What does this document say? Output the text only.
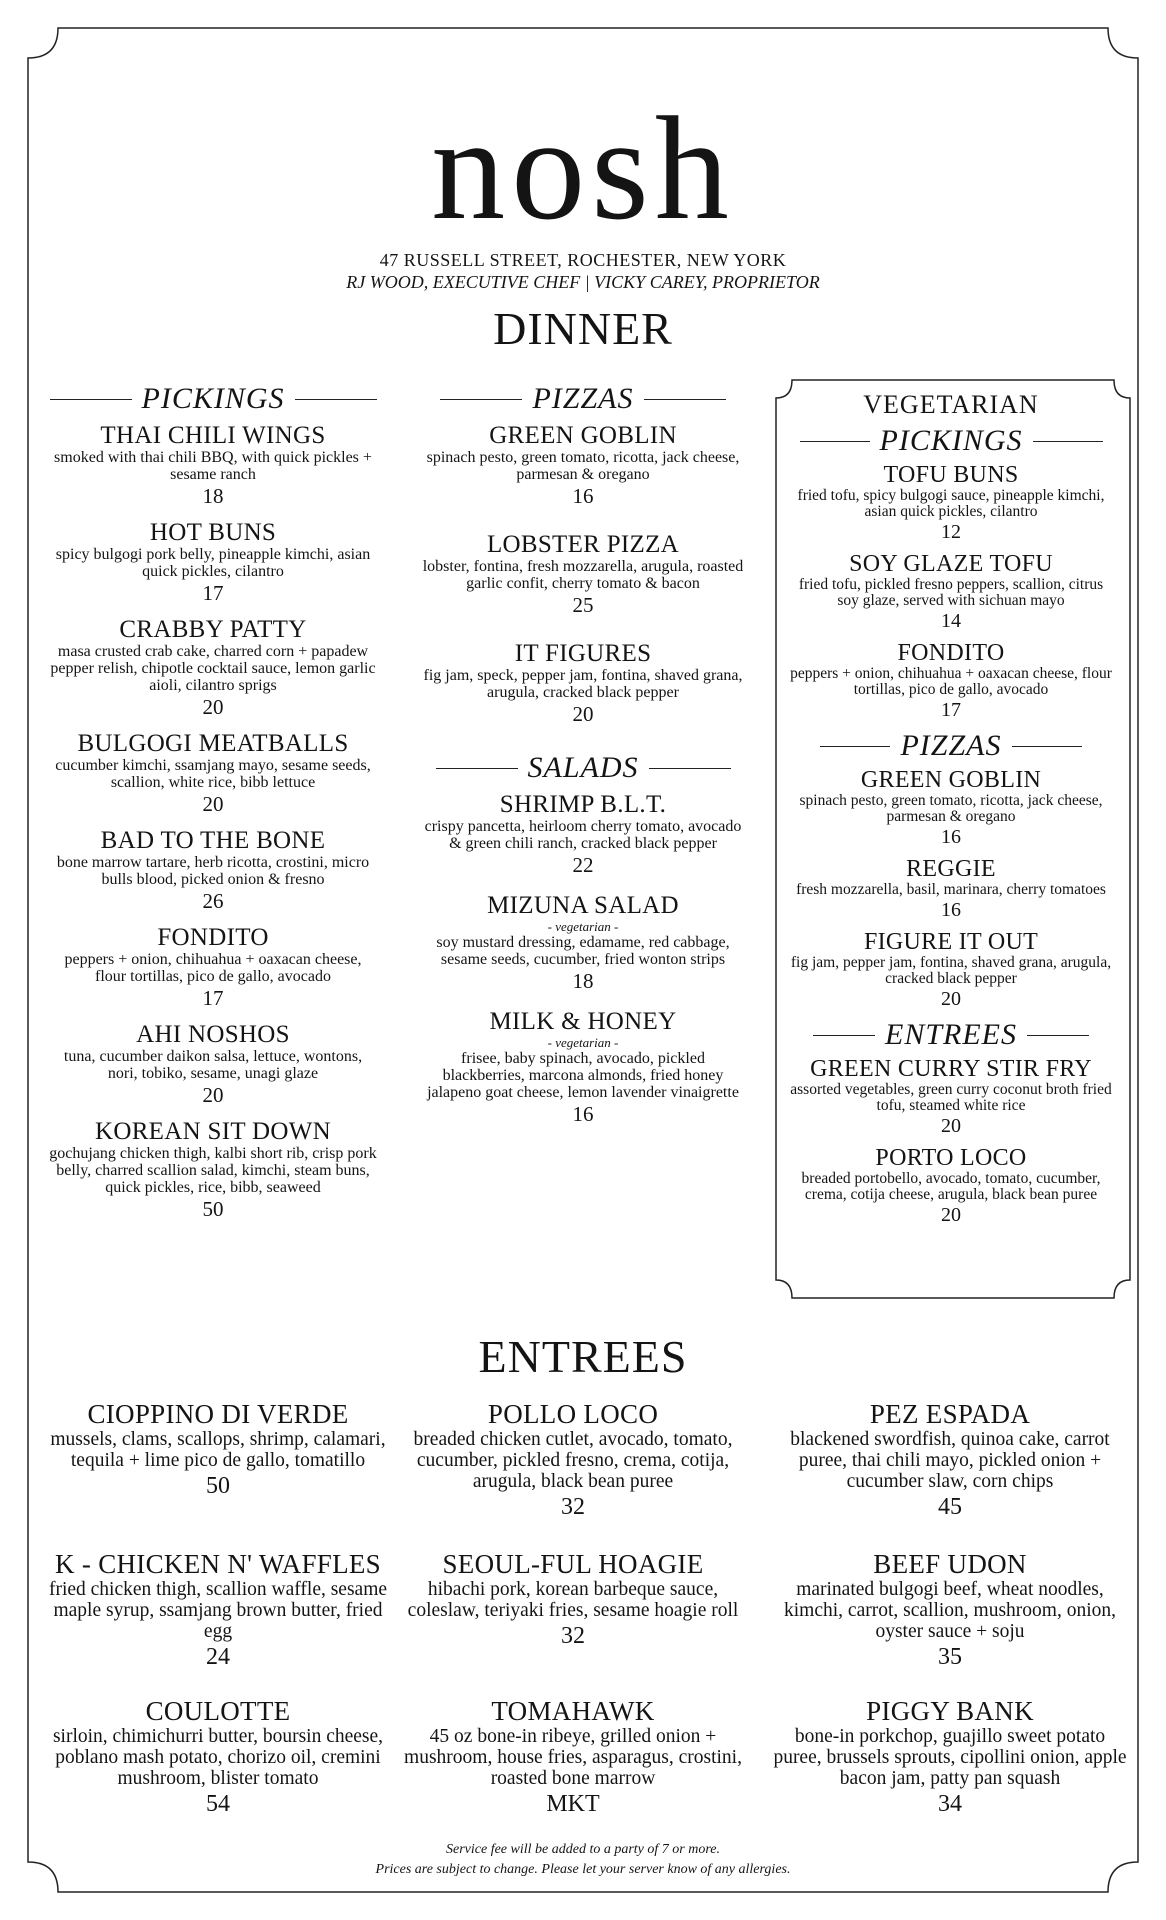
nosh
47 RUSSELL STREET, ROCHESTER, NEW YORK
RJ WOOD, EXECUTIVE CHEF | VICKY CAREY, PROPRIETOR
DINNER
PICKINGS
THAI CHILI WINGS
smoked with thai chili BBQ, with quick pickles + sesame ranch
18
HOT BUNS
spicy bulgogi pork belly, pineapple kimchi, asian quick pickles, cilantro
17
CRABBY PATTY
masa crusted crab cake, charred corn + papadew pepper relish, chipotle cocktail sauce, lemon garlic aioli, cilantro sprigs
20
BULGOGI MEATBALLS
cucumber kimchi, ssamjang mayo, sesame seeds, scallion, white rice, bibb lettuce
20
BAD TO THE BONE
bone marrow tartare, herb ricotta, crostini, micro bulls blood, picked onion & fresno
26
FONDITO
peppers + onion, chihuahua + oaxacan cheese, flour tortillas, pico de gallo, avocado
17
AHI NOSHOS
tuna, cucumber daikon salsa, lettuce, wontons, nori, tobiko, sesame, unagi glaze
20
KOREAN SIT DOWN
gochujang chicken thigh, kalbi short rib, crisp pork belly, charred scallion salad, kimchi, steam buns, quick pickles, rice, bibb, seaweed
50
PIZZAS
GREEN GOBLIN
spinach pesto, green tomato, ricotta, jack cheese, parmesan & oregano
16
LOBSTER PIZZA
lobster, fontina, fresh mozzarella, arugula, roasted garlic confit, cherry tomato & bacon
25
IT FIGURES
fig jam, speck, pepper jam, fontina, shaved grana, arugula, cracked black pepper
20
SALADS
SHRIMP B.L.T.
crispy pancetta, heirloom cherry tomato, avocado & green chili ranch, cracked black pepper
22
MIZUNA SALAD
- vegetarian -
soy mustard dressing, edamame, red cabbage, sesame seeds, cucumber, fried wonton strips
18
MILK & HONEY
- vegetarian -
frisee, baby spinach, avocado, pickled blackberries, marcona almonds, fried honey jalapeno goat cheese, lemon lavender vinaigrette
16
VEGETARIAN
PICKINGS
TOFU BUNS
fried tofu, spicy bulgogi sauce, pineapple kimchi, asian quick pickles, cilantro
12
SOY GLAZE TOFU
fried tofu, pickled fresno peppers, scallion, citrus soy glaze, served with sichuan mayo
14
FONDITO
peppers + onion, chihuahua + oaxacan cheese, flour tortillas, pico de gallo, avocado
17
PIZZAS
GREEN GOBLIN
spinach pesto, green tomato, ricotta, jack cheese, parmesan & oregano
16
REGGIE
fresh mozzarella, basil, marinara, cherry tomatoes
16
FIGURE IT OUT
fig jam, pepper jam, fontina, shaved grana, arugula, cracked black pepper
20
ENTREES
GREEN CURRY STIR FRY
assorted vegetables, green curry coconut broth fried tofu, steamed white rice
20
PORTO LOCO
breaded portobello, avocado, tomato, cucumber, crema, cotija cheese, arugula, black bean puree
20
ENTREES
CIOPPINO DI VERDE
mussels, clams, scallops, shrimp, calamari, tequila + lime pico de gallo, tomatillo
50
POLLO LOCO
breaded chicken cutlet, avocado, tomato, cucumber, pickled fresno, crema, cotija, arugula, black bean puree
32
PEZ ESPADA
blackened swordfish, quinoa cake, carrot puree, thai chili mayo, pickled onion + cucumber slaw, corn chips
45
K - CHICKEN N' WAFFLES
fried chicken thigh, scallion waffle, sesame maple syrup, ssamjang brown butter, fried egg
24
SEOUL-FUL HOAGIE
hibachi pork, korean barbeque sauce, coleslaw, teriyaki fries, sesame hoagie roll
32
BEEF UDON
marinated bulgogi beef, wheat noodles, kimchi, carrot, scallion, mushroom, onion, oyster sauce + soju
35
COULOTTE
sirloin, chimichurri butter, boursin cheese, poblano mash potato, chorizo oil, cremini mushroom, blister tomato
54
TOMAHAWK
45 oz bone-in ribeye, grilled onion + mushroom, house fries, asparagus, crostini, roasted bone marrow
MKT
PIGGY BANK
bone-in porkchop, guajillo sweet potato puree, brussels sprouts, cipollini onion, apple bacon jam, patty pan squash
34
Service fee will be added to a party of 7 or more.
Prices are subject to change. Please let your server know of any allergies.
